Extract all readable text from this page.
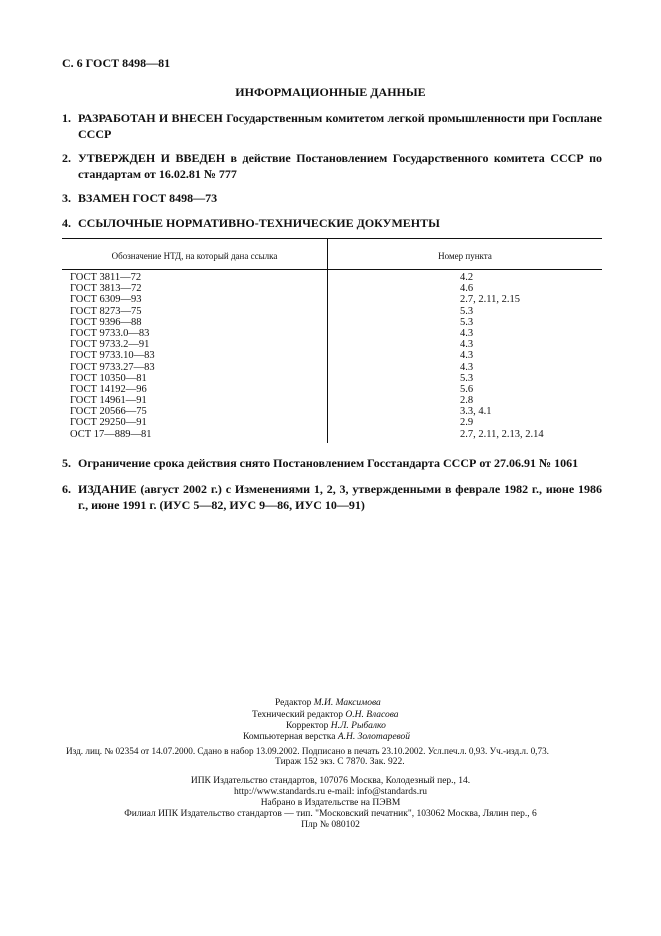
С. 6 ГОСТ 8498—81
ИНФОРМАЦИОННЫЕ ДАННЫЕ
1. РАЗРАБОТАН И ВНЕСЕН Государственным комитетом легкой промышленности при Госплане СССР
2. УТВЕРЖДЕН И ВВЕДЕН в действие Постановлением Государственного комитета СССР по стандартам от 16.02.81 № 777
3. ВЗАМЕН ГОСТ 8498—73
4. ССЫЛОЧНЫЕ НОРМАТИВНО-ТЕХНИЧЕСКИЕ ДОКУМЕНТЫ
Обозначение НТД, на который дана ссылка	Номер пункта
ГОСТ 3811—72	4.2
ГОСТ 3813—72	4.6
ГОСТ 6309—93	2.7, 2.11, 2.15
ГОСТ 8273—75	5.3
ГОСТ 9396—88	5.3
ГОСТ 9733.0—83	4.3
ГОСТ 9733.2—91	4.3
ГОСТ 9733.10—83	4.3
ГОСТ 9733.27—83	4.3
ГОСТ 10350—81	5.3
ГОСТ 14192—96	5.6
ГОСТ 14961—91	2.8
ГОСТ 20566—75	3.3, 4.1
ГОСТ 29250—91	2.9
ОСТ 17—889—81	2.7, 2.11, 2.13, 2.14
5. Ограничение срока действия снято Постановлением Госстандарта СССР от 27.06.91 № 1061
6. ИЗДАНИЕ (август 2002 г.) с Изменениями 1, 2, 3, утвержденными в феврале 1982 г., июне 1986 г., июне 1991 г. (ИУС 5—82, ИУС 9—86, ИУС 10—91)
Редактор М.И. Максимова
Технический редактор О.Н. Власова
Корректор Н.Л. Рыбалко
Компьютерная верстка А.Н. Золотаревой
Изд. лиц. № 02354 от 14.07.2000. Сдано в набор 13.09.2002. Подписано в печать 23.10.2002. Усл.печ.л. 0,93. Уч.-изд.л. 0,73.
Тираж 152 экз. С 7870. Зак. 922.
ИПК Издательство стандартов, 107076 Москва, Колодезный пер., 14.
http://www.standards.ru e-mail: info@standards.ru
Набрано в Издательстве на ПЭВМ
Филиал ИПК Издательство стандартов — тип. "Московский печатник", 103062 Москва, Лялин пер., 6
Плр № 080102
